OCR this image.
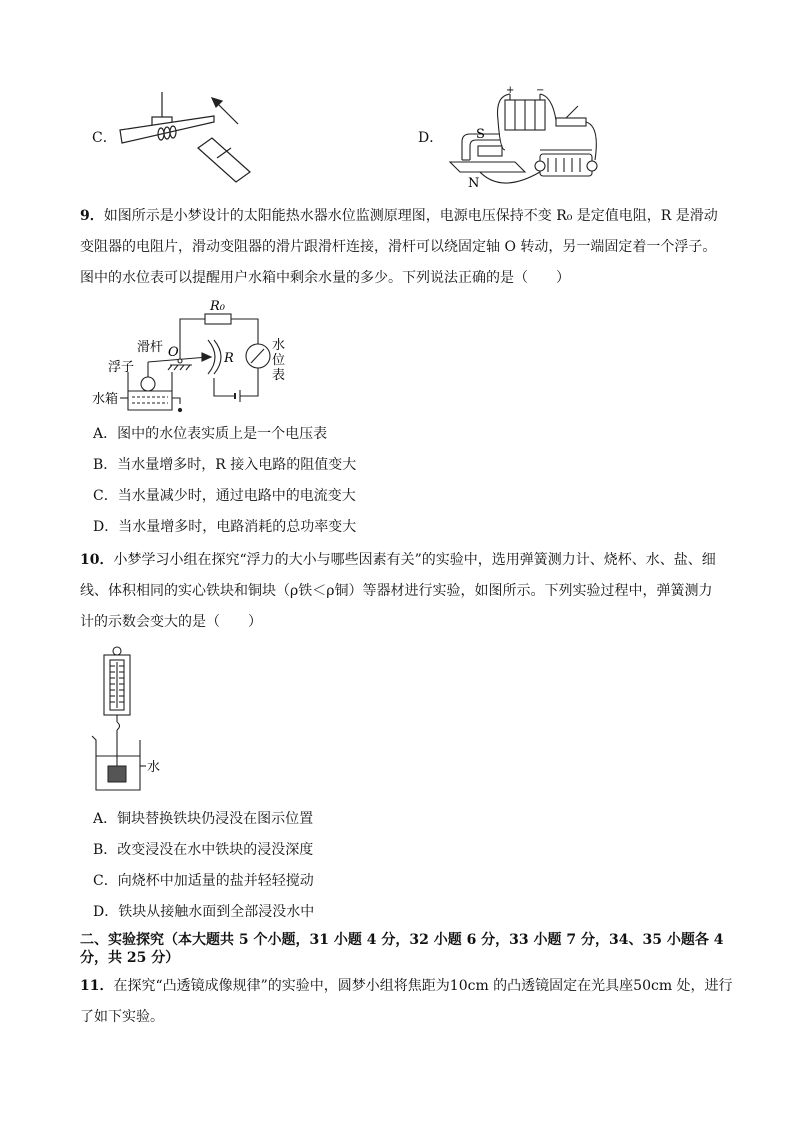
C．	D．	S
N
+ −
9．如图所示是小梦设计的太阳能热水器水位监测原理图，电源电压保持不变 R₀ 是定值电阻，R 是滑动
变阻器的电阻片，滑动变阻器的滑片跟滑杆连接，滑杆可以绕固定轴 O 转动，另一端固定着一个浮子。
图中的水位表可以提醒用户水箱中剩余水量的多少。下列说法正确的是（　　）
R₀
滑杆 O	R
浮子
水箱
水
位
表
A．图中的水位表实质上是一个电压表
B．当水量增多时，R 接入电路的阻值变大
C．当水量减少时，通过电路中的电流变大
D．当水量增多时，电路消耗的总功率变大
10．小梦学习小组在探究“浮力的大小与哪些因素有关”的实验中，选用弹簧测力计、烧杯、水、盐、细
线、体积相同的实心铁块和铜块（ρ铁＜ρ铜）等器材进行实验，如图所示。下列实验过程中，弹簧测力
计的示数会变大的是（　　）
水
A．铜块替换铁块仍浸没在图示位置
B．改变浸没在水中铁块的浸没深度
C．向烧杯中加适量的盐并轻轻搅动
D．铁块从接触水面到全部浸没水中
二、实验探究（本大题共 5 个小题，31 小题 4 分，32 小题 6 分，33 小题 7 分，34、35 小题各 4
分，共 25 分）
11．在探究“凸透镜成像规律”的实验中，圆梦小组将焦距为10cm 的凸透镜固定在光具座50cm 处，进行
了如下实验。
